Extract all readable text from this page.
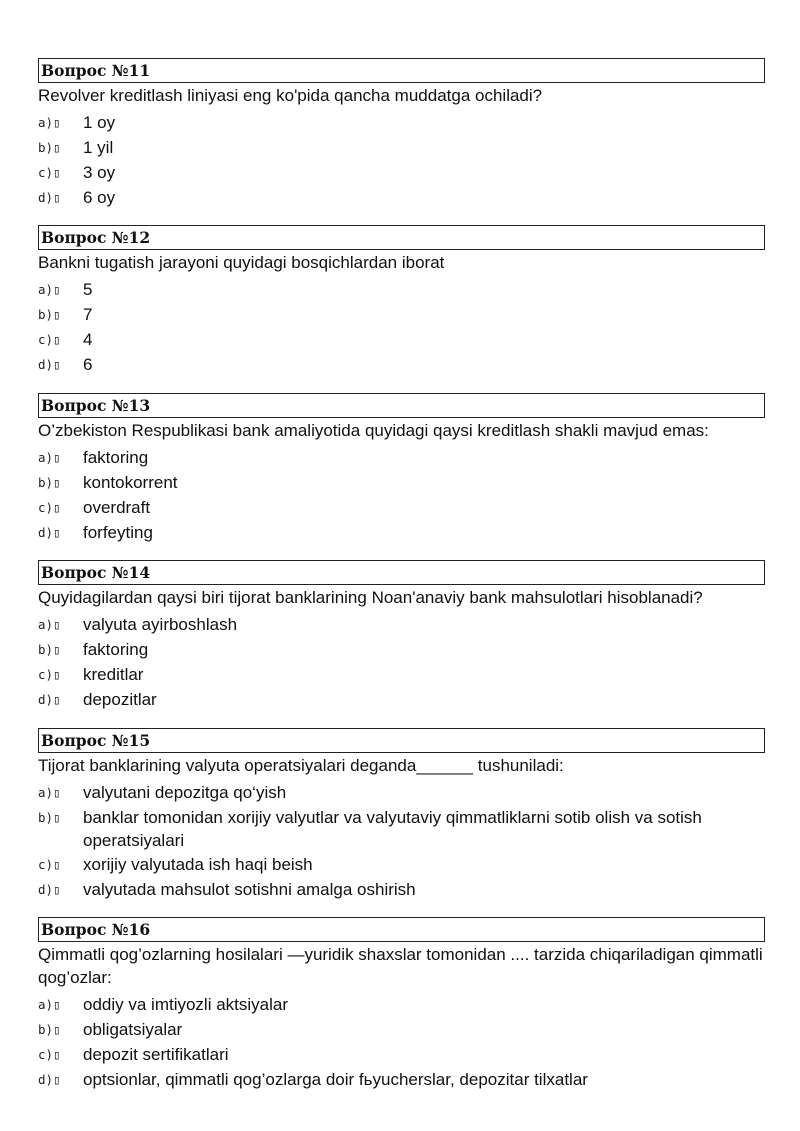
Вопрос №11
Revolver kreditlash liniyasi eng ko'pida qancha muddatga ochiladi?
a)▯	1 oy
b)▯	1 yil
c)▯	3 oy
d)▯	6 oy
Вопрос №12
Bankni tugatish jarayoni quyidagi bosqichlardan iborat
a)▯	5
b)▯	7
c)▯	4
d)▯	6
Вопрос №13
O’zbekiston Respublikasi bank amaliyotida quyidagi qaysi kreditlash shakli mavjud emas:
a)▯	faktoring
b)▯	kontokorrent
c)▯	overdraft
d)▯	forfeyting
Вопрос №14
Quyidagilardan qaysi biri tijorat banklarining Noan'anaviy bank mahsulotlari hisoblanadi?
a)▯	valyuta ayirboshlash
b)▯	faktoring
c)▯	kreditlar
d)▯	depozitlar
Вопрос №15
Tijorat banklarining valyuta operatsiyalari deganda______ tushuniladi:
a)▯	valyutani depozitga qo‘yish
b)▯	banklar tomonidan xorijiy valyutlar va valyutaviy qimmatliklarni sotib olish va sotish operatsiyalari
c)▯	xorijiy valyutada ish haqi beish
d)▯	valyutada mahsulot sotishni amalga oshirish
Вопрос №16
Qimmatli qog’ozlarning hosilalari —yuridik shaxslar tomonidan .... tarzida chiqariladigan qimmatli qog’ozlar:
a)▯	oddiy va imtiyozli aktsiyalar
b)▯	obligatsiyalar
c)▯	depozit sertifikatlari
d)▯	optsionlar, qimmatli qog’ozlarga doir fьyucherslar, depozitar tilxatlar
